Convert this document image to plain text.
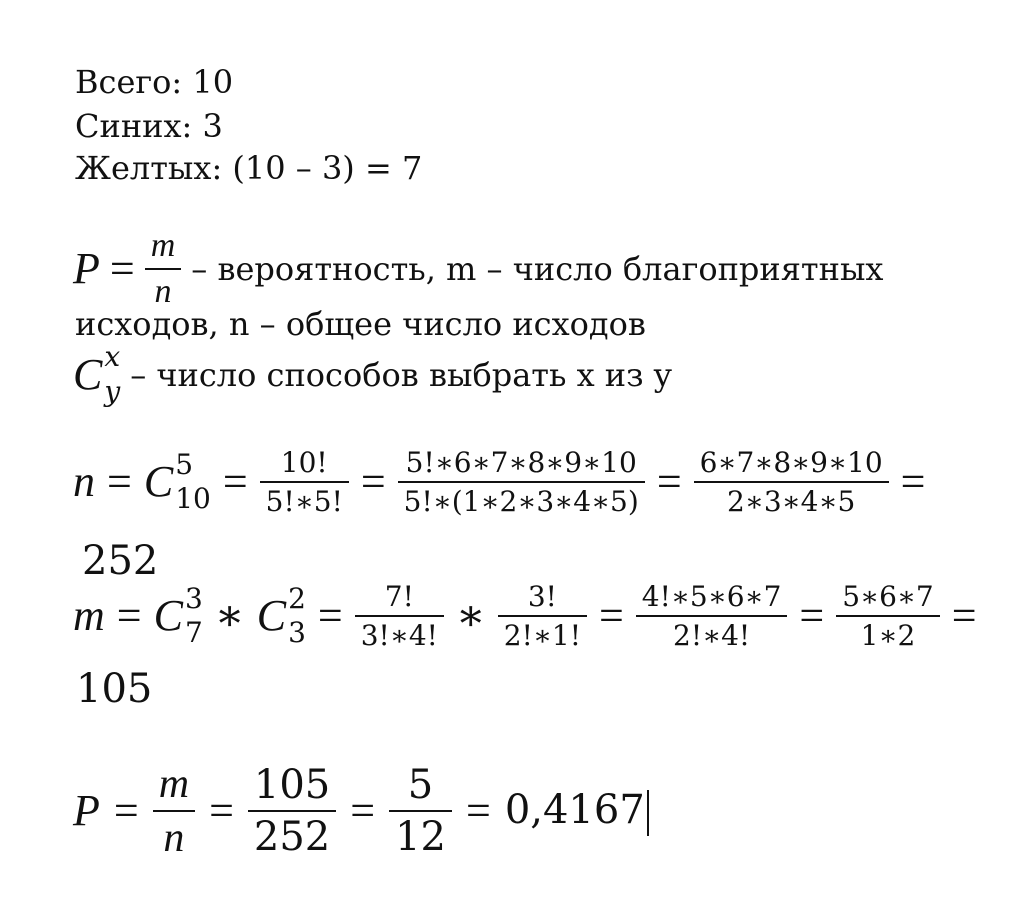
Всего: 10
Синих: 3
Желтых: (10 – 3) = 7
$P = \frac{m}{n}$ – вероятность, m – число благоприятных
исходов, n – общее число исходов
C x
y – число способов выбрать x из y
n = C 5
$10 = \frac{10!}{5!∗5!} = \frac{5!∗6∗7∗8∗9∗10}{5!∗(1∗2∗3∗4∗5)} = \frac{6∗7∗8∗9∗10}{2∗3∗4∗5}$ =
252
m = C 3
7 ∗ C 2
$3 = \frac{7!}{3!∗4!}$ ∗ $\frac{3!}{2!∗1!} = \frac{4!∗5∗6∗7}{2!∗4!} = \frac{5∗6∗7}{1∗2}$ =
105
$P = \frac{m}{n} = \frac{105}{252} = \frac{5}{12} = 0,4167$
